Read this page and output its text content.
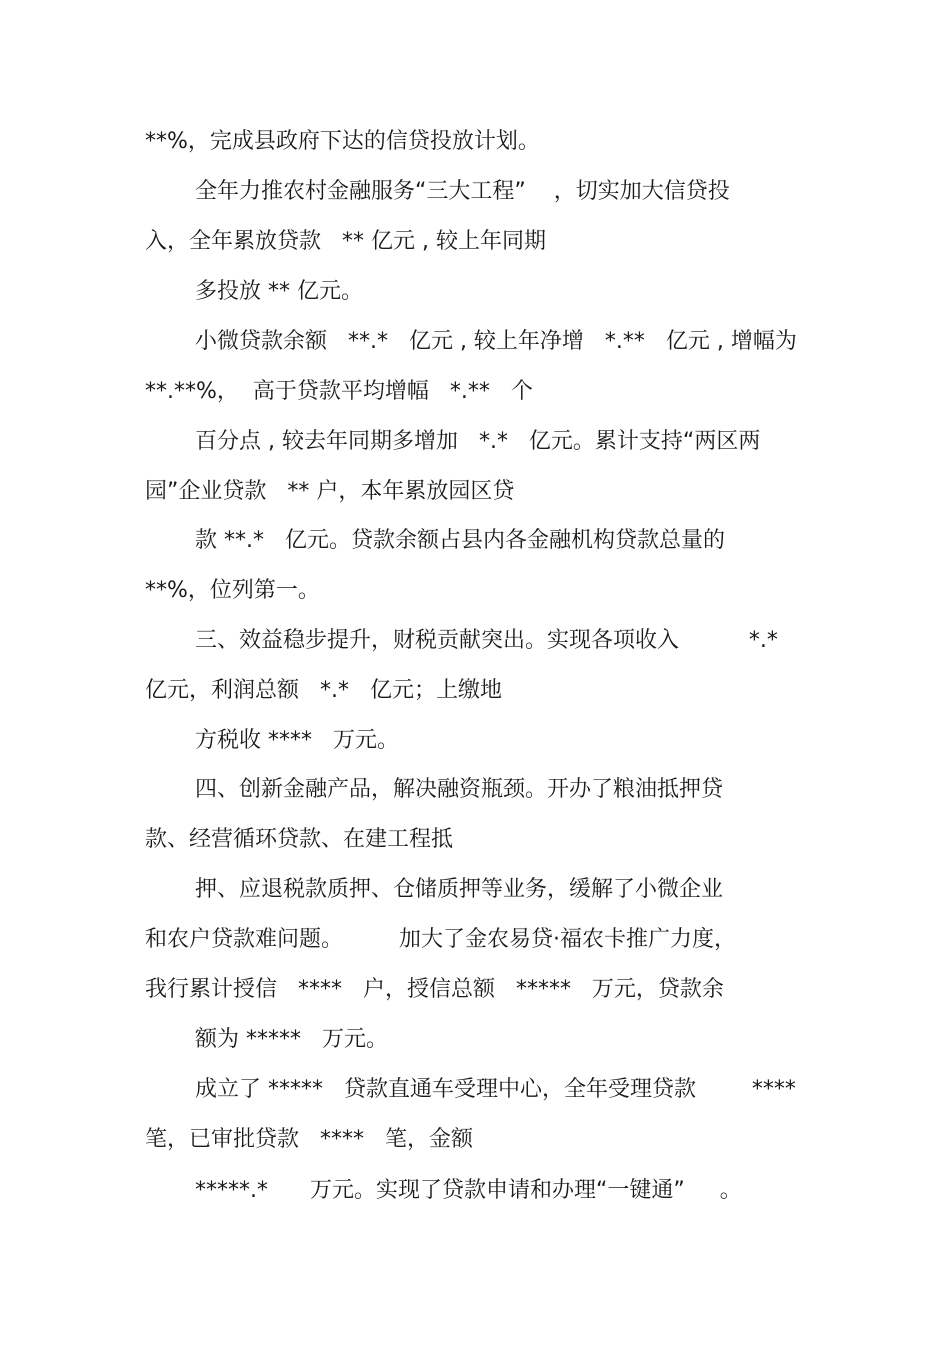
**%，完成县政府下达的信贷投放计划。
全年力推农村金融服务“三大工程”    ，切实加大信贷投
入，全年累放贷款   ** 亿元 , 较上年同期
多投放 ** 亿元。
小微贷款余额   **.*   亿元 , 较上年净增   *.**   亿元 , 增幅为
**.**%，  高于贷款平均增幅   *.**   个
百分点 , 较去年同期多增加   *.*   亿元。累计支持“两区两
园”企业贷款   ** 户，本年累放园区贷
款 **.*   亿元。贷款余额占县内各金融机构贷款总量的
**%，位列第一。
三、效益稳步提升，财税贡献突出。实现各项收入          *.*
亿元，利润总额   *.*   亿元；上缴地
方税收 ****   万元。
四、创新金融产品，解决融资瓶颈。开办了粮油抵押贷
款、经营循环贷款、在建工程抵
押、应退税款质押、仓储质押等业务，缓解了小微企业
和农户贷款难问题。        加大了金农易贷·福农卡推广力度，
我行累计授信   ****   户，授信总额   *****   万元，贷款余
额为 *****   万元。
成立了 *****   贷款直通车受理中心，全年受理贷款        ****
笔，已审批贷款   ****   笔，金额
*****.*      万元。实现了贷款申请和办理“一键通”     。
